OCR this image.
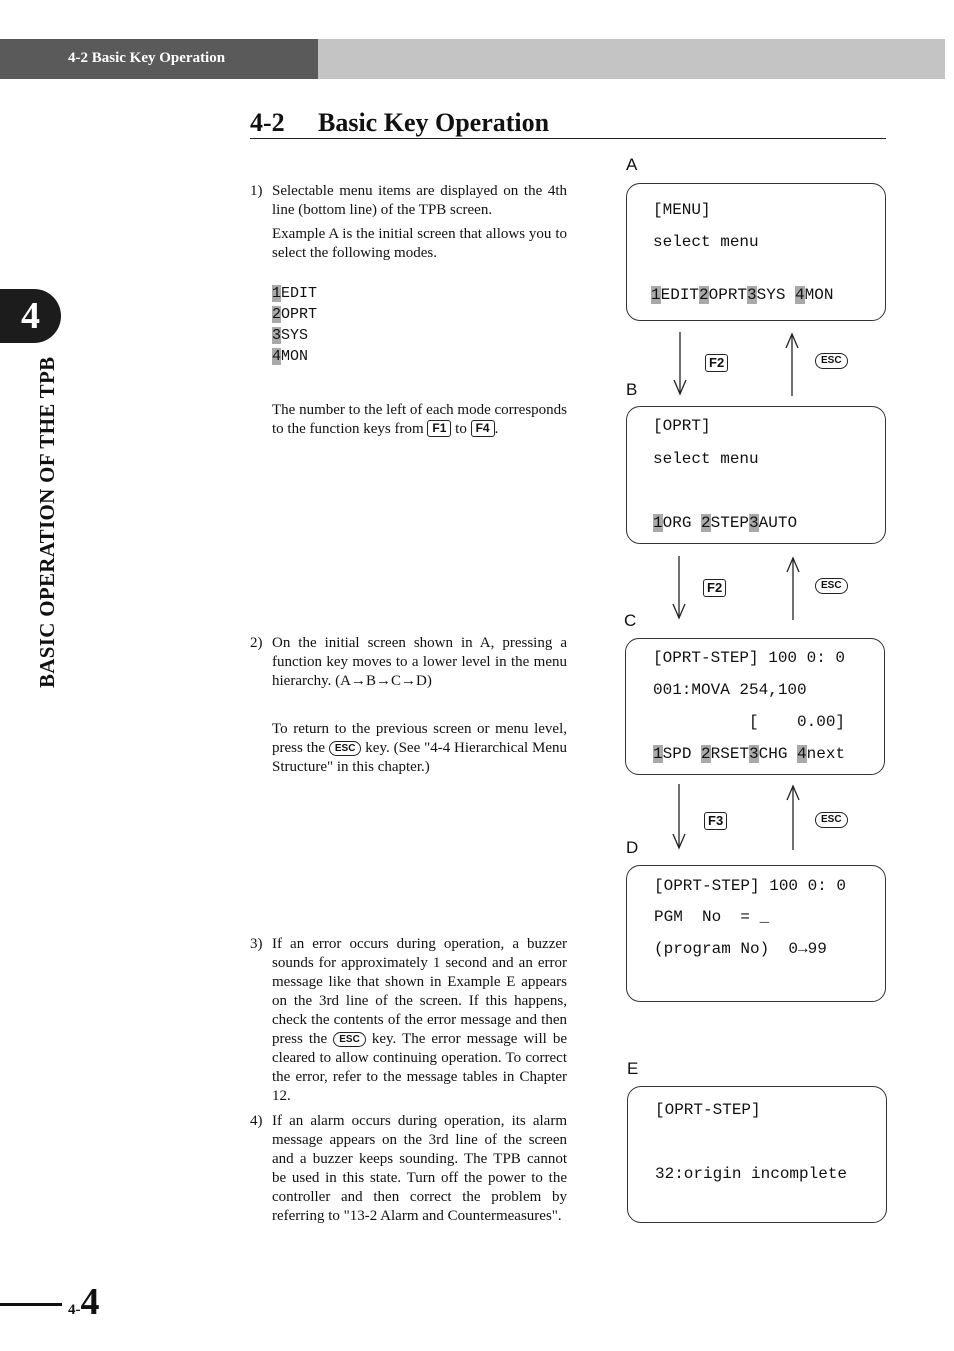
4-2 Basic Key Operation
4
BASIC OPERATION OF THE TPB
4-2 Basic Key Operation
1) Selectable menu items are displayed on the 4th line (bottom line) of the TPB screen.
Example A is the initial screen that allows you to select the following modes.
1EDIT
2OPRT
3SYS
4MON
The number to the left of each mode corresponds to the function keys from F1 to F4 .
2) On the initial screen shown in A, pressing a function key moves to a lower level in the menu hierarchy. (A→B→C→D)
To return to the previous screen or menu level, press the ESC key. (See "4-4 Hierarchical Menu Structure" in this chapter.)
3) If an error occurs during operation, a buzzer sounds for approximately 1 second and an error message like that shown in Example E appears on the 3rd line of the screen. If this happens, check the contents of the error message and then press the ESC key. The error message will be cleared to allow continuing operation. To correct the error, refer to the message tables in Chapter 12.
4) If an alarm occurs during operation, its alarm message appears on the 3rd line of the screen and a buzzer keeps sounding. The TPB cannot be used in this state. Turn off the power to the controller and then correct the problem by referring to "13-2 Alarm and Countermeasures".
A
[MENU]
select menu
1EDIT2OPRT3SYS 4MON
F2	ESC
B
[OPRT]
select menu
1ORG 2STEP3AUTO
F2	ESC
C
[OPRT-STEP] 100 0: 0
001:MOVA 254,100
[    0.00]
1SPD 2RSET3CHG 4next
F3	ESC
D
[OPRT-STEP] 100 0: 0
PGM  No  = _
(program No)  0→99
E
[OPRT-STEP]
32:origin incomplete
4-4
